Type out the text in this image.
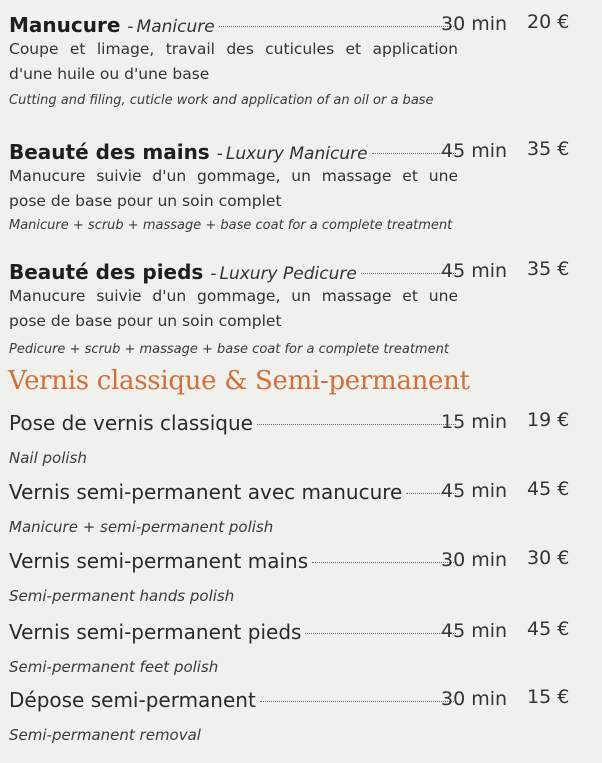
Manucure - Manicure	30 min 20 €
Coupe et limage, travail des cuticules et application d'une huile ou d'une base
Cutting and filing, cuticle work and application of an oil or a base
Beauté des mains - Luxury Manicure	45 min 35 €
Manucure suivie d'un gommage, un massage et une pose de base pour un soin complet
Manicure + scrub + massage + base coat for a complete treatment
Beauté des pieds - Luxury Pedicure	45 min 35 €
Manucure suivie d'un gommage, un massage et une pose de base pour un soin complet
Pedicure + scrub + massage + base coat for a complete treatment
Vernis classique & Semi-permanent
Pose de vernis classique	15 min 19 €
Nail polish
Vernis semi-permanent avec manucure 45 min 45 €
Manicure + semi-permanent polish
Vernis semi-permanent mains	30 min 30 €
Semi-permanent hands polish
Vernis semi-permanent pieds	45 min 45 €
Semi-permanent feet polish
Dépose semi-permanent	30 min 15 €
Semi-permanent removal
